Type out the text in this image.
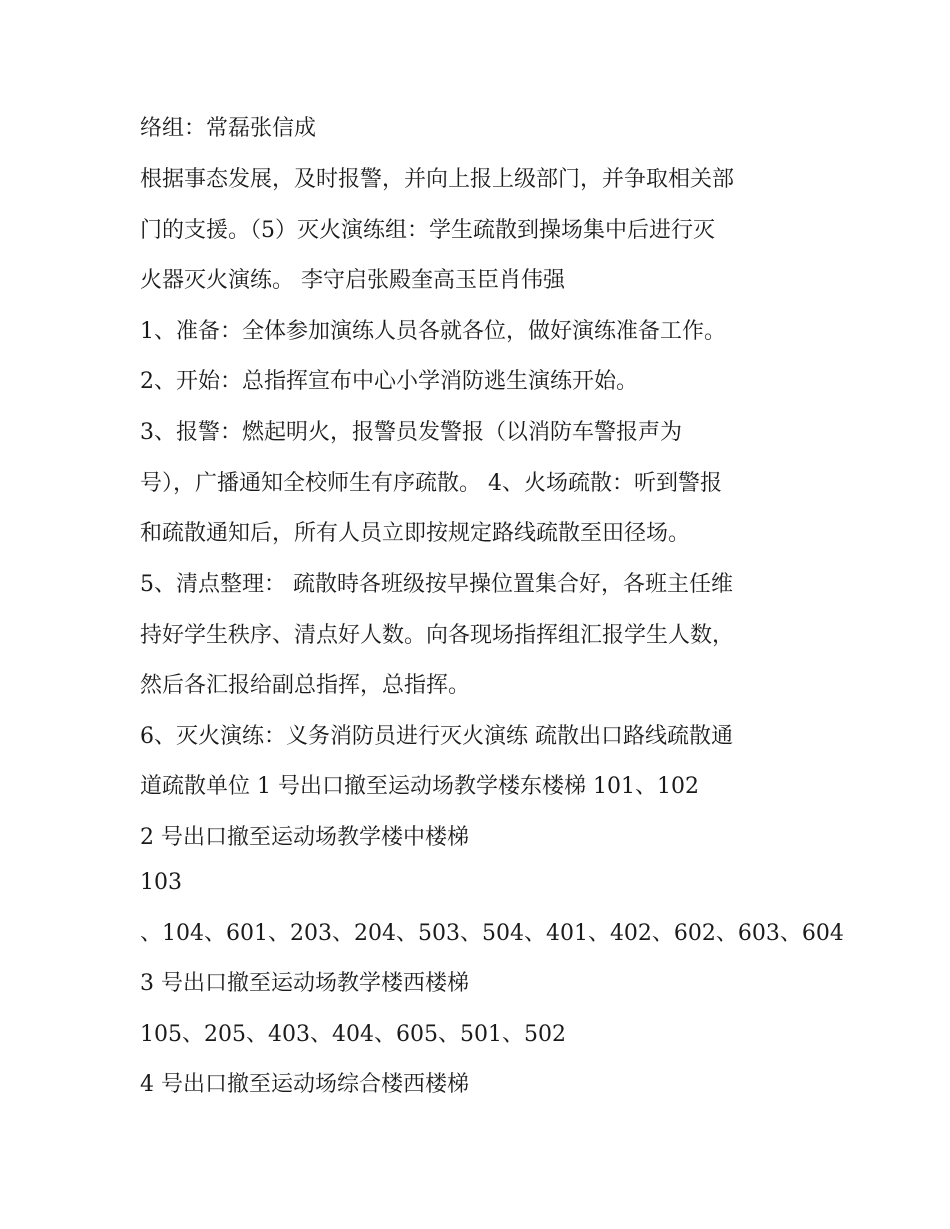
络组：常磊张信成
根据事态发展，及时报警，并向上报上级部门，并争取相关部
门的支援。（5）灭火演练组：学生疏散到操场集中后进行灭
火器灭火演练。 李守启张殿奎高玉臣肖伟强
1、准备：全体参加演练人员各就各位，做好演练准备工作。
2、开始：总指挥宣布中心小学消防逃生演练开始。
3、报警：燃起明火，报警员发警报（以消防车警报声为
号），广播通知全校师生有序疏散。 4、火场疏散：听到警报
和疏散通知后，所有人员立即按规定路线疏散至田径场。
5、清点整理： 疏散時各班级按早操位置集合好，各班主任维
持好学生秩序、清点好人数。向各现场指挥组汇报学生人数，
然后各汇报给副总指挥，总指挥。
6、灭火演练：义务消防员进行灭火演练 疏散出口路线疏散通
道疏散单位 1 号出口撤至运动场教学楼东楼梯 101、102
2 号出口撤至运动场教学楼中楼梯
103
、104、601、203、204、503、504、401、402、602、603、604
3 号出口撤至运动场教学楼西楼梯
105、205、403、404、605、501、502
4 号出口撤至运动场综合楼西楼梯
